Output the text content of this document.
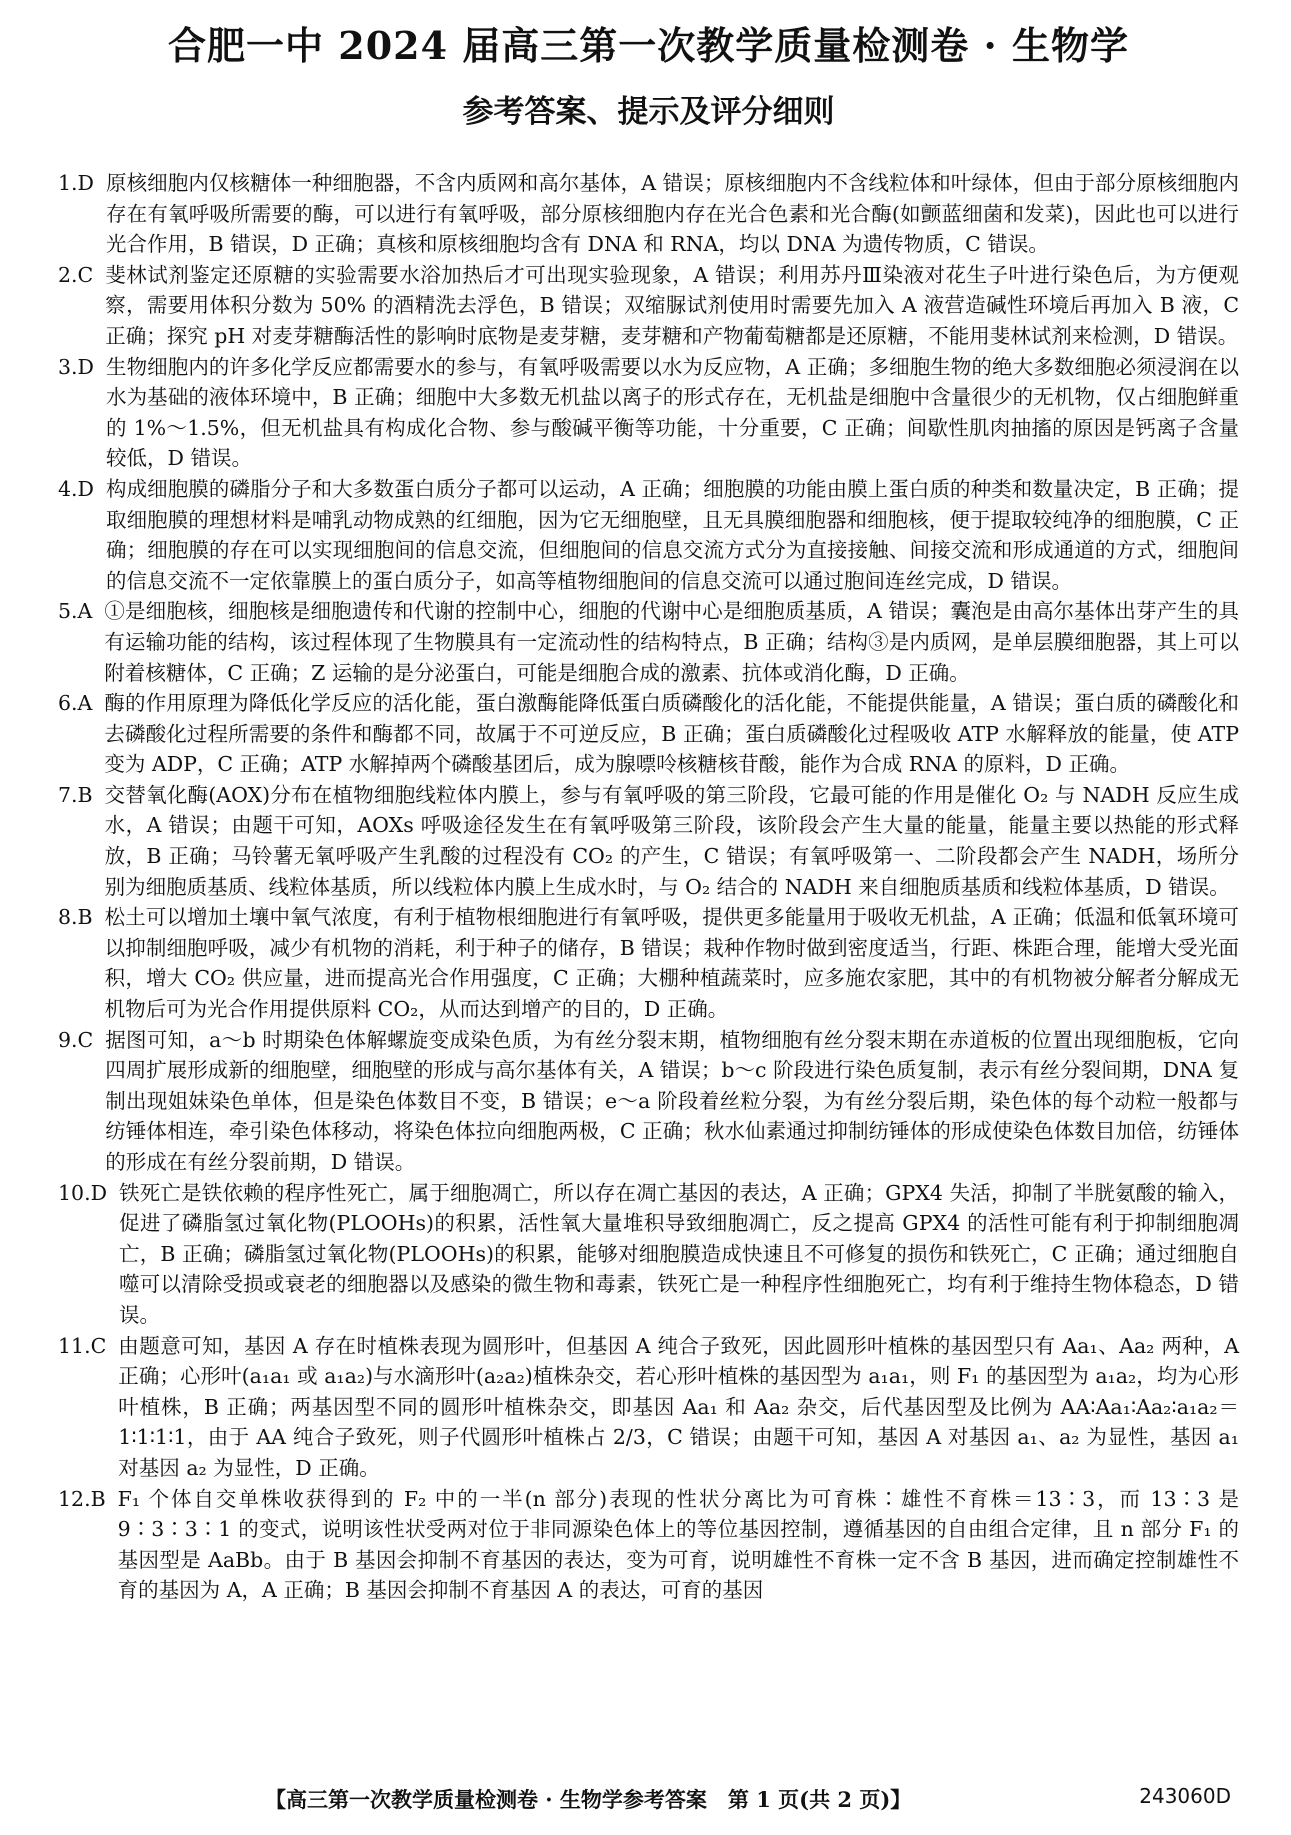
合肥一中 2024 届高三第一次教学质量检测卷 · 生物学
参考答案、提示及评分细则
1.D 原核细胞内仅核糖体一种细胞器，不含内质网和高尔基体，A 错误；原核细胞内不含线粒体和叶绿体，但由于部分原核细胞内存在有氧呼吸所需要的酶，可以进行有氧呼吸，部分原核细胞内存在光合色素和光合酶(如颤蓝细菌和发菜)，因此也可以进行光合作用，B 错误，D 正确；真核和原核细胞均含有 DNA 和 RNA，均以 DNA 为遗传物质，C 错误。
2.C 斐林试剂鉴定还原糖的实验需要水浴加热后才可出现实验现象，A 错误；利用苏丹Ⅲ染液对花生子叶进行染色后，为方便观察，需要用体积分数为 50% 的酒精洗去浮色，B 错误；双缩脲试剂使用时需要先加入 A 液营造碱性环境后再加入 B 液，C 正确；探究 pH 对麦芽糖酶活性的影响时底物是麦芽糖，麦芽糖和产物葡萄糖都是还原糖，不能用斐林试剂来检测，D 错误。
3.D 生物细胞内的许多化学反应都需要水的参与，有氧呼吸需要以水为反应物，A 正确；多细胞生物的绝大多数细胞必须浸润在以水为基础的液体环境中，B 正确；细胞中大多数无机盐以离子的形式存在，无机盐是细胞中含量很少的无机物，仅占细胞鲜重的 1%～1.5%，但无机盐具有构成化合物、参与酸碱平衡等功能，十分重要，C 正确；间歇性肌肉抽搐的原因是钙离子含量较低，D 错误。
4.D 构成细胞膜的磷脂分子和大多数蛋白质分子都可以运动，A 正确；细胞膜的功能由膜上蛋白质的种类和数量决定，B 正确；提取细胞膜的理想材料是哺乳动物成熟的红细胞，因为它无细胞壁，且无具膜细胞器和细胞核，便于提取较纯净的细胞膜，C 正确；细胞膜的存在可以实现细胞间的信息交流，但细胞间的信息交流方式分为直接接触、间接交流和形成通道的方式，细胞间的信息交流不一定依靠膜上的蛋白质分子，如高等植物细胞间的信息交流可以通过胞间连丝完成，D 错误。
5.A ①是细胞核，细胞核是细胞遗传和代谢的控制中心，细胞的代谢中心是细胞质基质，A 错误；囊泡是由高尔基体出芽产生的具有运输功能的结构，该过程体现了生物膜具有一定流动性的结构特点，B 正确；结构③是内质网，是单层膜细胞器，其上可以附着核糖体，C 正确；Z 运输的是分泌蛋白，可能是细胞合成的激素、抗体或消化酶，D 正确。
6.A 酶的作用原理为降低化学反应的活化能，蛋白激酶能降低蛋白质磷酸化的活化能，不能提供能量，A 错误；蛋白质的磷酸化和去磷酸化过程所需要的条件和酶都不同，故属于不可逆反应，B 正确；蛋白质磷酸化过程吸收 ATP 水解释放的能量，使 ATP 变为 ADP，C 正确；ATP 水解掉两个磷酸基团后，成为腺嘌呤核糖核苷酸，能作为合成 RNA 的原料，D 正确。
7.B 交替氧化酶(AOX)分布在植物细胞线粒体内膜上，参与有氧呼吸的第三阶段，它最可能的作用是催化 O₂ 与 NADH 反应生成水，A 错误；由题干可知，AOXs 呼吸途径发生在有氧呼吸第三阶段，该阶段会产生大量的能量，能量主要以热能的形式释放，B 正确；马铃薯无氧呼吸产生乳酸的过程没有 CO₂ 的产生，C 错误；有氧呼吸第一、二阶段都会产生 NADH，场所分别为细胞质基质、线粒体基质，所以线粒体内膜上生成水时，与 O₂ 结合的 NADH 来自细胞质基质和线粒体基质，D 错误。
8.B 松土可以增加土壤中氧气浓度，有利于植物根细胞进行有氧呼吸，提供更多能量用于吸收无机盐，A 正确；低温和低氧环境可以抑制细胞呼吸，减少有机物的消耗，利于种子的储存，B 错误；栽种作物时做到密度适当，行距、株距合理，能增大受光面积，增大 CO₂ 供应量，进而提高光合作用强度，C 正确；大棚种植蔬菜时，应多施农家肥，其中的有机物被分解者分解成无机物后可为光合作用提供原料 CO₂，从而达到增产的目的，D 正确。
9.C 据图可知，a～b 时期染色体解螺旋变成染色质，为有丝分裂末期，植物细胞有丝分裂末期在赤道板的位置出现细胞板，它向四周扩展形成新的细胞壁，细胞壁的形成与高尔基体有关，A 错误；b～c 阶段进行染色质复制，表示有丝分裂间期，DNA 复制出现姐妹染色单体，但是染色体数目不变，B 错误；e～a 阶段着丝粒分裂，为有丝分裂后期，染色体的每个动粒一般都与纺锤体相连，牵引染色体移动，将染色体拉向细胞两极，C 正确；秋水仙素通过抑制纺锤体的形成使染色体数目加倍，纺锤体的形成在有丝分裂前期，D 错误。
10.D 铁死亡是铁依赖的程序性死亡，属于细胞凋亡，所以存在凋亡基因的表达，A 正确；GPX4 失活，抑制了半胱氨酸的输入，促进了磷脂氢过氧化物(PLOOHs)的积累，活性氧大量堆积导致细胞凋亡，反之提高 GPX4 的活性可能有利于抑制细胞凋亡，B 正确；磷脂氢过氧化物(PLOOHs)的积累，能够对细胞膜造成快速且不可修复的损伤和铁死亡，C 正确；通过细胞自噬可以清除受损或衰老的细胞器以及感染的微生物和毒素，铁死亡是一种程序性细胞死亡，均有利于维持生物体稳态，D 错误。
11.C 由题意可知，基因 A 存在时植株表现为圆形叶，但基因 A 纯合子致死，因此圆形叶植株的基因型只有 Aa₁、Aa₂ 两种，A 正确；心形叶(a₁a₁ 或 a₁a₂)与水滴形叶(a₂a₂)植株杂交，若心形叶植株的基因型为 a₁a₁，则 F₁ 的基因型为 a₁a₂，均为心形叶植株，B 正确；两基因型不同的圆形叶植株杂交，即基因 Aa₁ 和 Aa₂ 杂交，后代基因型及比例为 AA∶Aa₁∶Aa₂∶a₁a₂＝1∶1∶1∶1，由于 AA 纯合子致死，则子代圆形叶植株占 2/3，C 错误；由题干可知，基因 A 对基因 a₁、a₂ 为显性，基因 a₁ 对基因 a₂ 为显性，D 正确。
12.B F₁ 个体自交单株收获得到的 F₂ 中的一半(n 部分)表现的性状分离比为可育株∶雄性不育株＝13∶3，而 13∶3 是 9∶3∶3∶1 的变式，说明该性状受两对位于非同源染色体上的等位基因控制，遵循基因的自由组合定律，且 n 部分 F₁ 的基因型是 AaBb。由于 B 基因会抑制不育基因的表达，变为可育，说明雄性不育株一定不含 B 基因，进而确定控制雄性不育的基因为 A，A 正确；B 基因会抑制不育基因 A 的表达，可育的基因
【高三第一次教学质量检测卷 · 生物学参考答案　第 1 页(共 2 页)】	243060D
